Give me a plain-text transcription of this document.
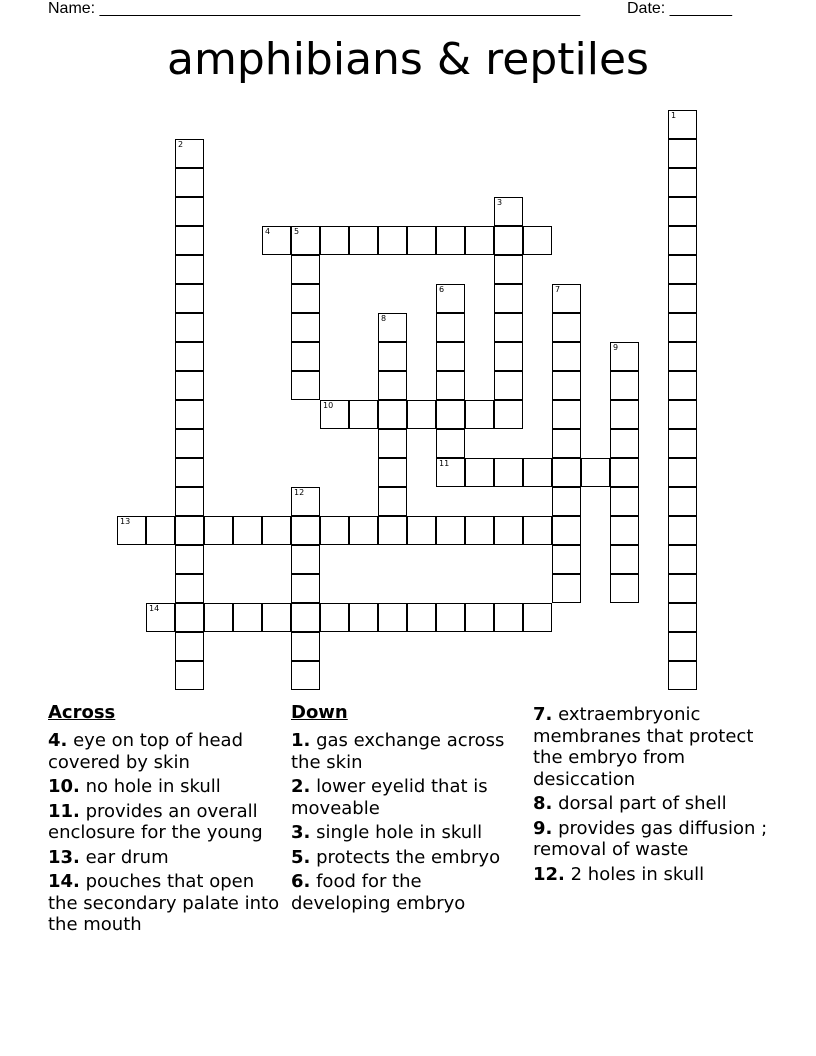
Name: ______________________________________________________	Date: _______
amphibians & reptiles
1
2
3
4	5
6
11
7
8
9
10
12
13
14
Across
4. eye on top of head covered by skin
10. no hole in skull
11. provides an overall enclosure for the young
13. ear drum
14. pouches that open the secondary palate into the mouth
Down
1. gas exchange across the skin
2. lower eyelid that is moveable
3. single hole in skull
5. protects the embryo
6. food for the developing embryo
7. extraembryonic membranes that protect the embryo from desiccation
8. dorsal part of shell
9. provides gas diffusion ; removal of waste
12. 2 holes in skull
